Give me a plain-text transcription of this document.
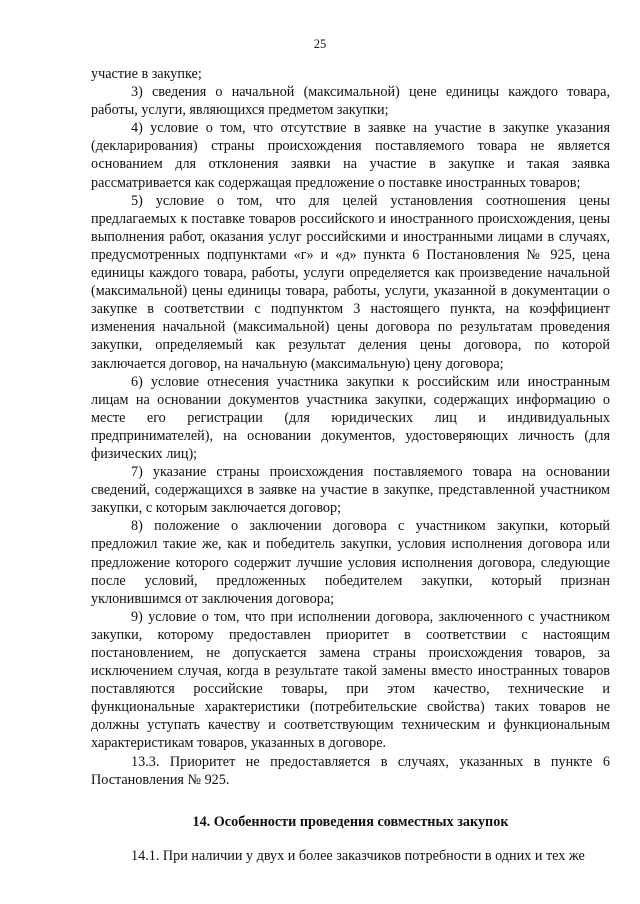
25

участие в закупке;

3) сведения о начальной (максимальной) цене единицы каждого товара, работы, услуги, являющихся предметом закупки;

4) условие о том, что отсутствие в заявке на участие в закупке указания (декларирования) страны происхождения поставляемого товара не является основанием для отклонения заявки на участие в закупке и такая заявка рассматривается как содержащая предложение о поставке иностранных товаров;

5) условие о том, что для целей установления соотношения цены предлагаемых к поставке товаров российского и иностранного происхождения, цены выполнения работ, оказания услуг российскими и иностранными лицами в случаях, предусмотренных подпунктами «г» и «д» пункта 6 Постановления № 925, цена единицы каждого товара, работы, услуги определяется как произведение начальной (максимальной) цены единицы товара, работы, услуги, указанной в документации о закупке в соответствии с подпунктом 3 настоящего пункта, на коэффициент изменения начальной (максимальной) цены договора по результатам проведения закупки, определяемый как результат деления цены договора, по которой заключается договор, на начальную (максимальную) цену договора;

6) условие отнесения участника закупки к российским или иностранным лицам на основании документов участника закупки, содержащих информацию о месте его регистрации (для юридических лиц и индивидуальных предпринимателей), на основании документов, удостоверяющих личность (для физических лиц);

7) указание страны происхождения поставляемого товара на основании сведений, содержащихся в заявке на участие в закупке, представленной участником закупки, с которым заключается договор;

8) положение о заключении договора с участником закупки, который предложил такие же, как и победитель закупки, условия исполнения договора или предложение которого содержит лучшие условия исполнения договора, следующие после условий, предложенных победителем закупки, который признан уклонившимся от заключения договора;

9) условие о том, что при исполнении договора, заключенного с участником закупки, которому предоставлен приоритет в соответствии с настоящим постановлением, не допускается замена страны происхождения товаров, за исключением случая, когда в результате такой замены вместо иностранных товаров поставляются российские товары, при этом качество, технические и функциональные характеристики (потребительские свойства) таких товаров не должны уступать качеству и соответствующим техническим и функциональным характеристикам товаров, указанных в договоре.

13.3. Приоритет не предоставляется в случаях, указанных в пункте 6 Постановления № 925.

14. Особенности проведения совместных закупок

14.1. При наличии у двух и более заказчиков потребности в одних и тех же
